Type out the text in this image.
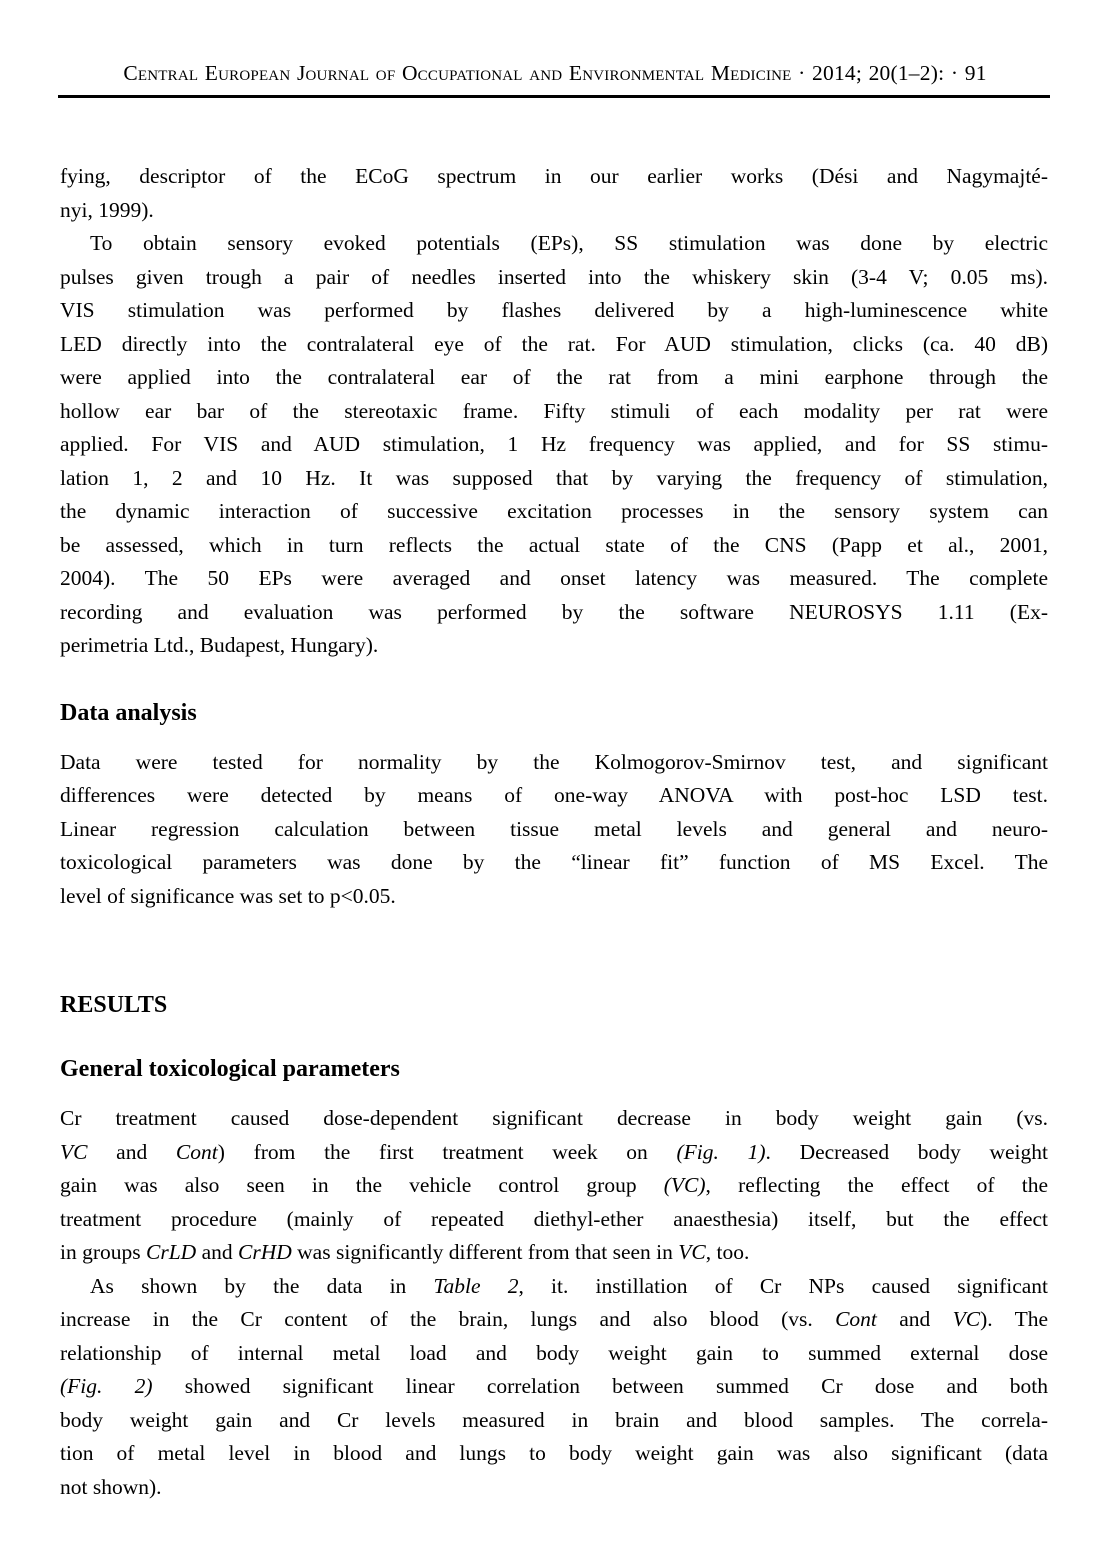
Central European Journal of Occupational and Environmental Medicine · 2014; 20(1–2): · 91
fying, descriptor of the ECoG spectrum in our earlier works (Dési and Nagymajté-
nyi, 1999).
To obtain sensory evoked potentials (EPs), SS stimulation was done by electric
pulses given trough a pair of needles inserted into the whiskery skin (3-4 V; 0.05 ms).
VIS stimulation was performed by flashes delivered by a high-luminescence white
LED directly into the contralateral eye of the rat. For AUD stimulation, clicks (ca. 40 dB)
were applied into the contralateral ear of the rat from a mini earphone through the
hollow ear bar of the stereotaxic frame. Fifty stimuli of each modality per rat were
applied. For VIS and AUD stimulation, 1 Hz frequency was applied, and for SS stimu-
lation 1, 2 and 10 Hz. It was supposed that by varying the frequency of stimulation,
the dynamic interaction of successive excitation processes in the sensory system can
be assessed, which in turn reflects the actual state of the CNS (Papp et al., 2001,
2004). The 50 EPs were averaged and onset latency was measured. The complete
recording and evaluation was performed by the software NEUROSYS 1.11 (Ex-
perimetria Ltd., Budapest, Hungary).
Data analysis
Data were tested for normality by the Kolmogorov-Smirnov test, and significant
differences were detected by means of one-way ANOVA with post-hoc LSD test.
Linear regression calculation between tissue metal levels and general and neuro-
toxicological parameters was done by the “linear fit” function of MS Excel. The
level of significance was set to p<0.05.
RESULTS
General toxicological parameters
Cr treatment caused dose-dependent significant decrease in body weight gain (vs.
VC and Cont) from the first treatment week on (Fig. 1). Decreased body weight
gain was also seen in the vehicle control group (VC), reflecting the effect of the
treatment procedure (mainly of repeated diethyl-ether anaesthesia) itself, but the effect
in groups CrLD and CrHD was significantly different from that seen in VC, too.
As shown by the data in Table 2, it. instillation of Cr NPs caused significant
increase in the Cr content of the brain, lungs and also blood (vs. Cont and VC). The
relationship of internal metal load and body weight gain to summed external dose
(Fig. 2) showed significant linear correlation between summed Cr dose and both
body weight gain and Cr levels measured in brain and blood samples. The correla-
tion of metal level in blood and lungs to body weight gain was also significant (data
not shown).
